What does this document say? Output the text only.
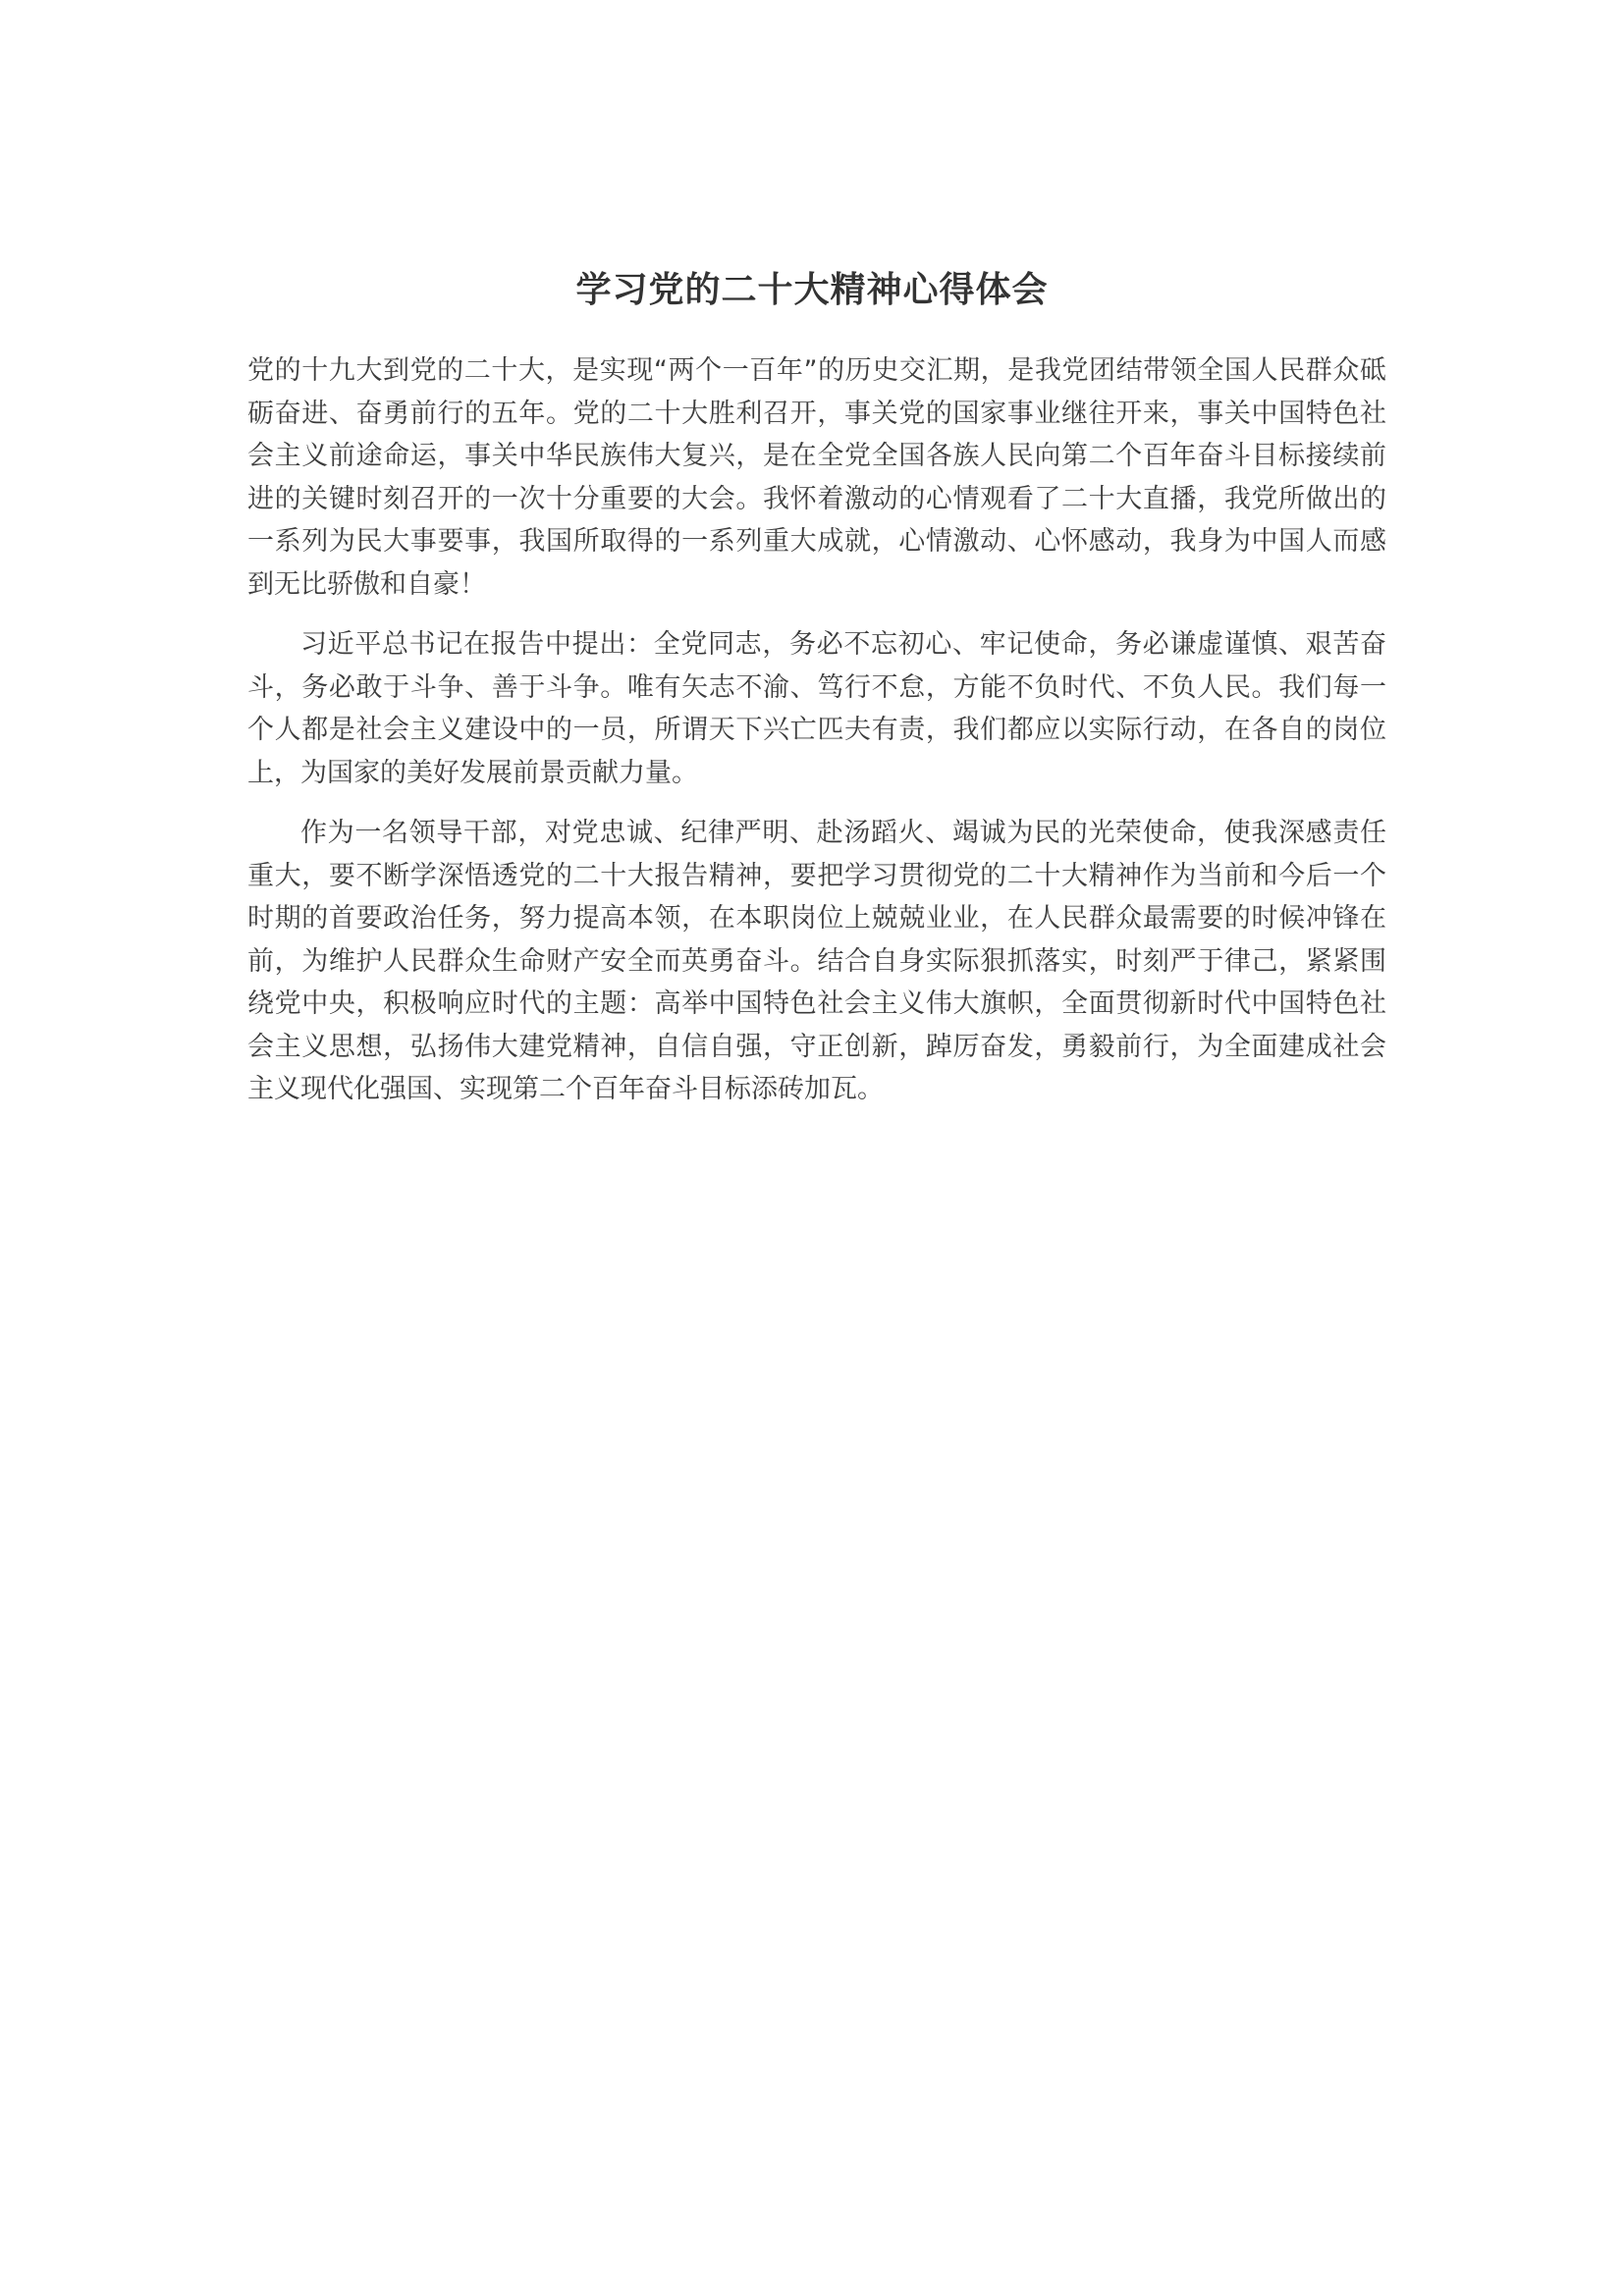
学习党的二十大精神心得体会

党的十九大到党的二十大，是实现“两个一百年”的历史交汇期，是我党团结带领全国人民群众砥砺奋进、奋勇前行的五年。党的二十大胜利召开，事关党的国家事业继往开来，事关中国特色社会主义前途命运，事关中华民族伟大复兴，是在全党全国各族人民向第二个百年奋斗目标接续前进的关键时刻召开的一次十分重要的大会。我怀着激动的心情观看了二十大直播，我党所做出的一系列为民大事要事，我国所取得的一系列重大成就，心情激动、心怀感动，我身为中国人而感到无比骄傲和自豪！

习近平总书记在报告中提出：全党同志，务必不忘初心、牢记使命，务必谦虚谨慎、艰苦奋斗，务必敢于斗争、善于斗争。唯有矢志不渝、笃行不怠，方能不负时代、不负人民。我们每一个人都是社会主义建设中的一员，所谓天下兴亡匹夫有责，我们都应以实际行动，在各自的岗位上，为国家的美好发展前景贡献力量。

作为一名领导干部，对党忠诚、纪律严明、赴汤蹈火、竭诚为民的光荣使命，使我深感责任重大，要不断学深悟透党的二十大报告精神，要把学习贯彻党的二十大精神作为当前和今后一个时期的首要政治任务，努力提高本领，在本职岗位上兢兢业业，在人民群众最需要的时候冲锋在前，为维护人民群众生命财产安全而英勇奋斗。结合自身实际狠抓落实，时刻严于律己，紧紧围绕党中央，积极响应时代的主题：高举中国特色社会主义伟大旗帜，全面贯彻新时代中国特色社会主义思想，弘扬伟大建党精神，自信自强，守正创新，踔厉奋发，勇毅前行，为全面建成社会主义现代化强国、实现第二个百年奋斗目标添砖加瓦。
